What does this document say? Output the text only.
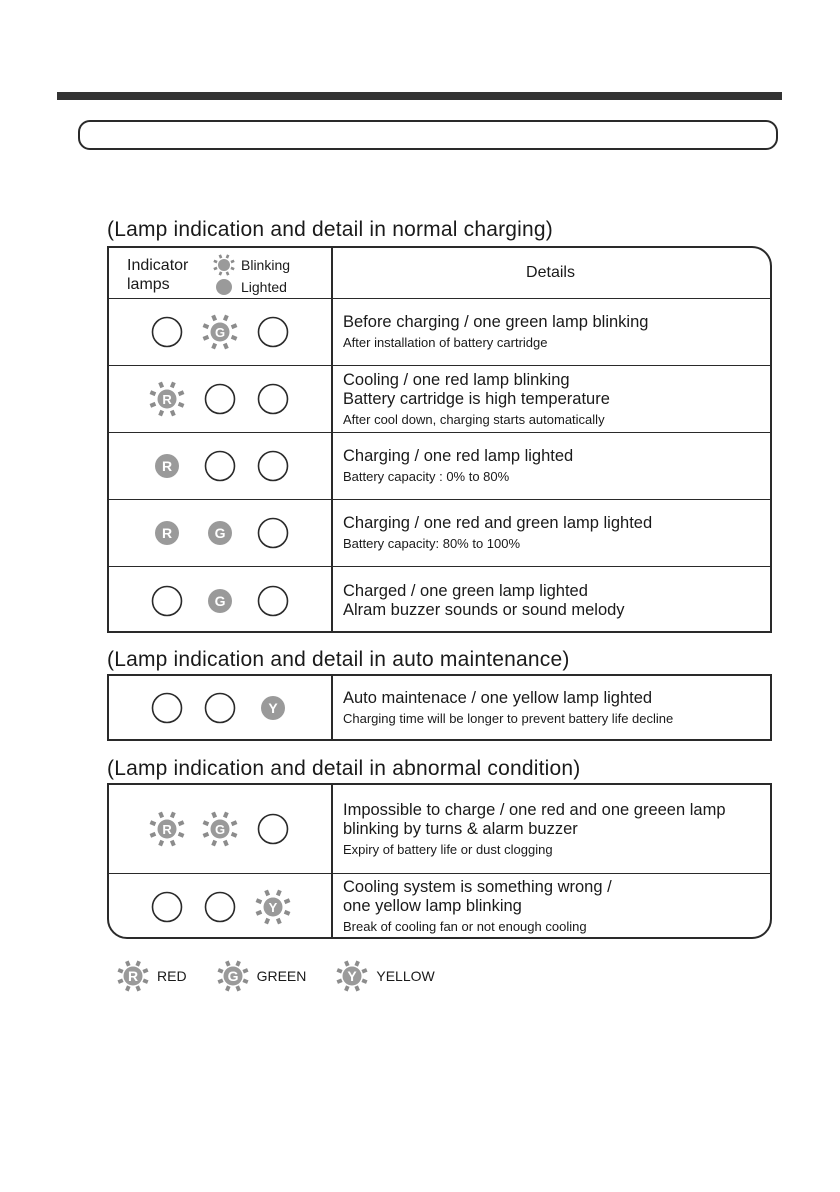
(Lamp indication and detail in normal charging)
Indicator
lamps
Blinking
Lighted
Details
G
Before charging / one green lamp blinking
After installation of battery cartridge
R
Cooling / one red lamp blinking
Battery cartridge is high temperature
After cool down, charging starts automatically
R
Charging / one red lamp lighted
Battery capacity : 0% to 80%
R	G
Charging / one red and green lamp lighted
Battery capacity: 80% to 100%
G
Charged / one green lamp lighted
Alram buzzer sounds or sound melody
(Lamp indication and detail in auto maintenance)
Y
Auto maintenace / one yellow lamp lighted
Charging time will be longer to prevent battery life decline
(Lamp indication and detail in abnormal condition)
R	G
Impossible to charge / one red and one greeen lamp
blinking by turns & alarm buzzer
Expiry of battery life or dust clogging
Y
Cooling system is something wrong /
one yellow lamp blinking
Break of cooling fan or not enough cooling
R RED	G GREEN	Y YELLOW
